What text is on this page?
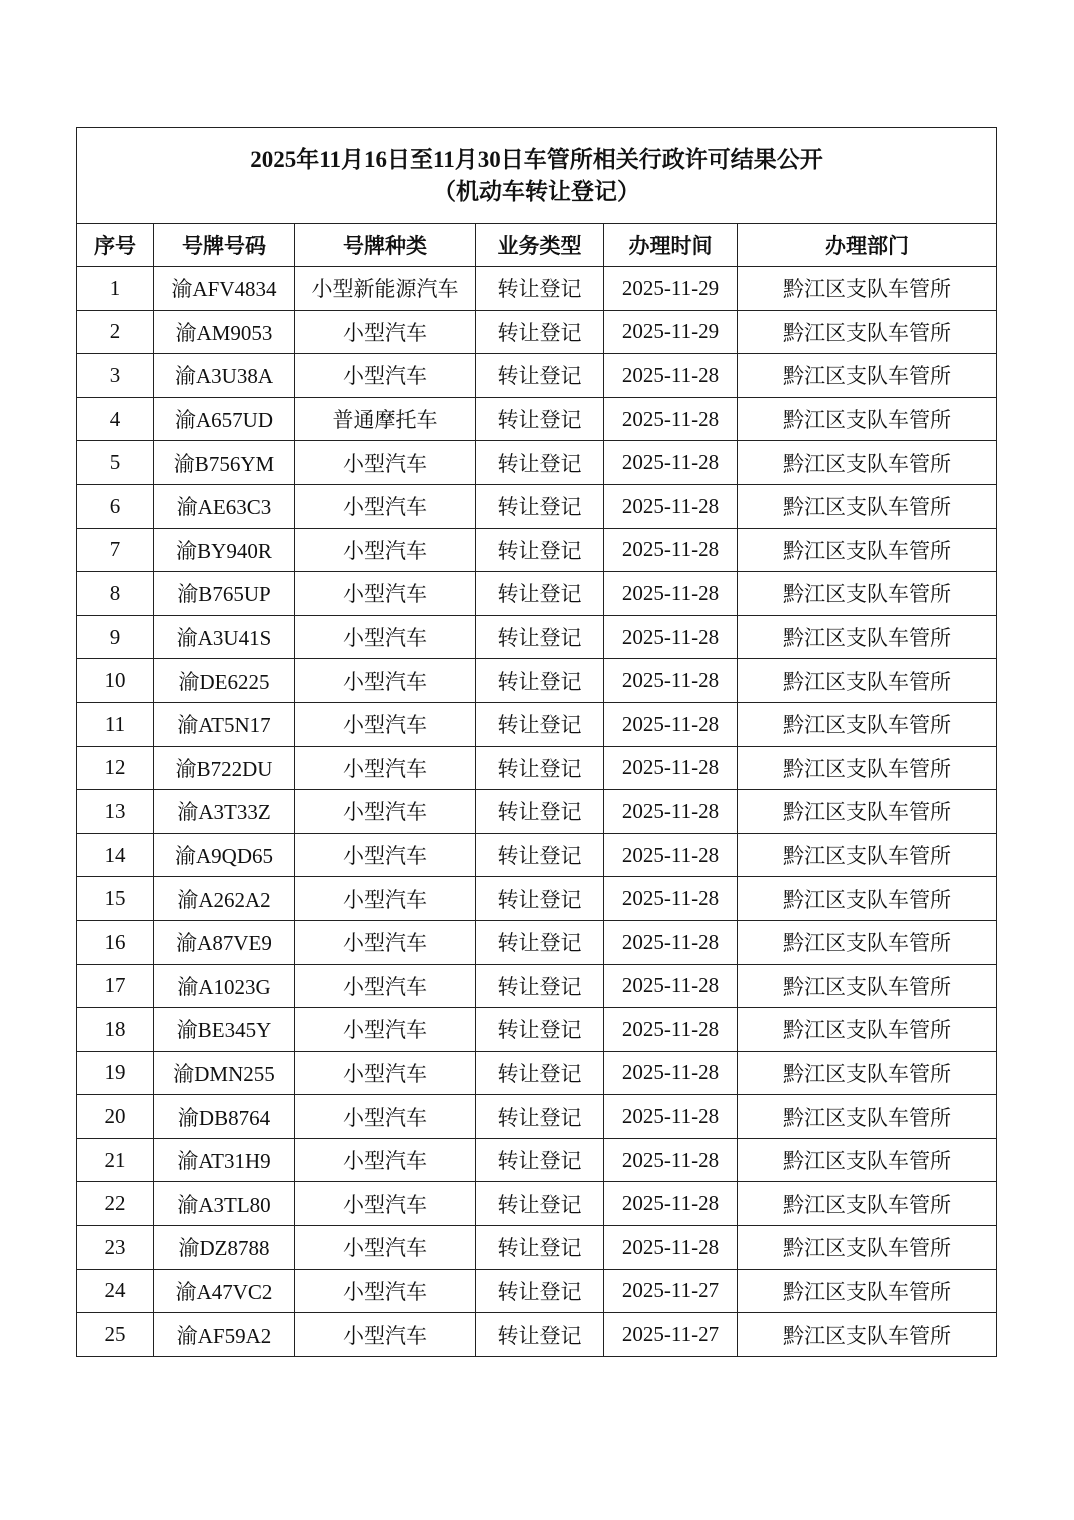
2025年11月16日至11月30日车管所相关行政许可结果公开
（机动车转让登记）					

序号	号牌号码	号牌种类	业务类型	办理时间	办理部门
1	渝AFV4834	小型新能源汽车	转让登记	2025-11-29	黔江区支队车管所
2	渝AM9053	小型汽车	转让登记	2025-11-29	黔江区支队车管所
3	渝A3U38A	小型汽车	转让登记	2025-11-28	黔江区支队车管所
4	渝A657UD	普通摩托车	转让登记	2025-11-28	黔江区支队车管所
5	渝B756YM	小型汽车	转让登记	2025-11-28	黔江区支队车管所
6	渝AE63C3	小型汽车	转让登记	2025-11-28	黔江区支队车管所
7	渝BY940R	小型汽车	转让登记	2025-11-28	黔江区支队车管所
8	渝B765UP	小型汽车	转让登记	2025-11-28	黔江区支队车管所
9	渝A3U41S	小型汽车	转让登记	2025-11-28	黔江区支队车管所
10	渝DE6225	小型汽车	转让登记	2025-11-28	黔江区支队车管所
11	渝AT5N17	小型汽车	转让登记	2025-11-28	黔江区支队车管所
12	渝B722DU	小型汽车	转让登记	2025-11-28	黔江区支队车管所
13	渝A3T33Z	小型汽车	转让登记	2025-11-28	黔江区支队车管所
14	渝A9QD65	小型汽车	转让登记	2025-11-28	黔江区支队车管所
15	渝A262A2	小型汽车	转让登记	2025-11-28	黔江区支队车管所
16	渝A87VE9	小型汽车	转让登记	2025-11-28	黔江区支队车管所
17	渝A1023G	小型汽车	转让登记	2025-11-28	黔江区支队车管所
18	渝BE345Y	小型汽车	转让登记	2025-11-28	黔江区支队车管所
19	渝DMN255	小型汽车	转让登记	2025-11-28	黔江区支队车管所
20	渝DB8764	小型汽车	转让登记	2025-11-28	黔江区支队车管所
21	渝AT31H9	小型汽车	转让登记	2025-11-28	黔江区支队车管所
22	渝A3TL80	小型汽车	转让登记	2025-11-28	黔江区支队车管所
23	渝DZ8788	小型汽车	转让登记	2025-11-28	黔江区支队车管所
24	渝A47VC2	小型汽车	转让登记	2025-11-27	黔江区支队车管所
25	渝AF59A2	小型汽车	转让登记	2025-11-27	黔江区支队车管所
